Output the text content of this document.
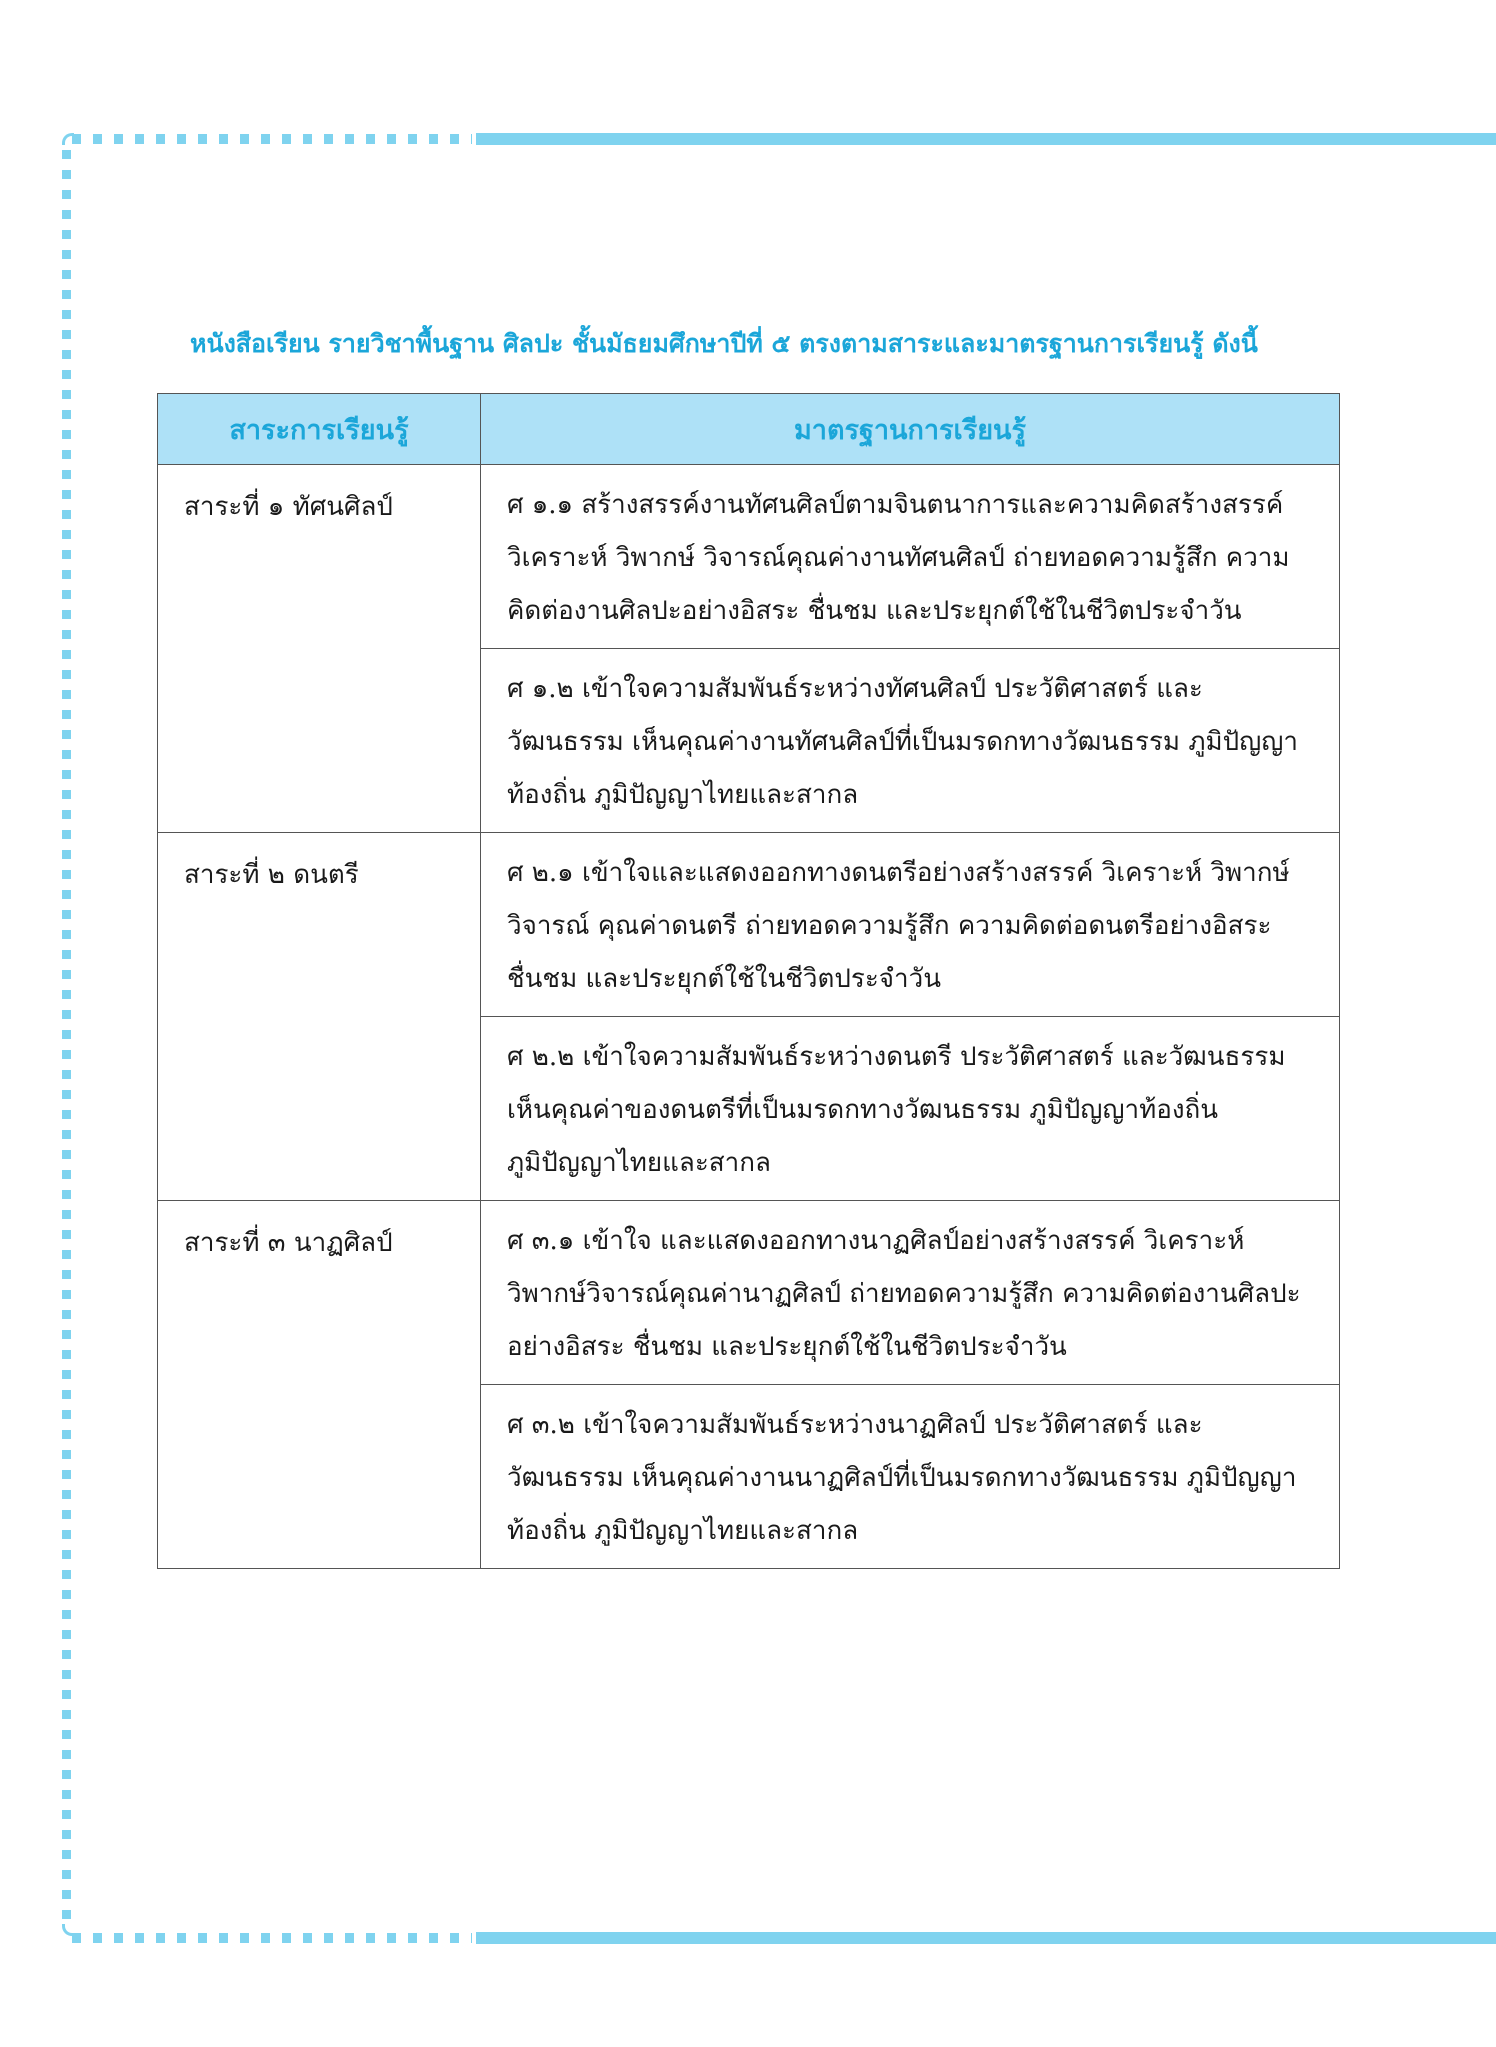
หนังสือเรียน รายวิชาพื้นฐาน ศิลปะ ชั้นมัธยมศึกษาปีที่ ๕ ตรงตามสาระและมาตรฐานการเรียนรู้ ดังนี้
สาระการเรียนรู้	มาตรฐานการเรียนรู้
สาระที่ ๑ ทัศนศิลป์	ศ ๑.๑ สร้างสรรค์งานทัศนศิลป์ตามจินตนาการและความคิดสร้างสรรค์ วิเคราะห์ วิพากษ์ วิจารณ์คุณค่างานทัศนศิลป์ ถ่ายทอดความรู้สึก ความคิดต่องานศิลปะอย่างอิสระ ชื่นชม และประยุกต์ใช้ในชีวิตประจำวัน
	ศ ๑.๒ เข้าใจความสัมพันธ์ระหว่างทัศนศิลป์ ประวัติศาสตร์ และวัฒนธรรม เห็นคุณค่างานทัศนศิลป์ที่เป็นมรดกทางวัฒนธรรม ภูมิปัญญาท้องถิ่น ภูมิปัญญาไทยและสากล
สาระที่ ๒ ดนตรี	ศ ๒.๑ เข้าใจและแสดงออกทางดนตรีอย่างสร้างสรรค์ วิเคราะห์ วิพากษ์ วิจารณ์ คุณค่าดนตรี ถ่ายทอดความรู้สึก ความคิดต่อดนตรีอย่างอิสระ ชื่นชม และประยุกต์ใช้ในชีวิตประจำวัน
	ศ ๒.๒ เข้าใจความสัมพันธ์ระหว่างดนตรี ประวัติศาสตร์ และวัฒนธรรม เห็นคุณค่าของดนตรีที่เป็นมรดกทางวัฒนธรรม ภูมิปัญญาท้องถิ่นภูมิปัญญาไทยและสากล
สาระที่ ๓ นาฏศิลป์	ศ ๓.๑ เข้าใจ และแสดงออกทางนาฏศิลป์อย่างสร้างสรรค์ วิเคราะห์ วิพากษ์วิจารณ์คุณค่านาฏศิลป์ ถ่ายทอดความรู้สึก ความคิดต่องานศิลปะอย่างอิสระ ชื่นชม และประยุกต์ใช้ในชีวิตประจำวัน
	ศ ๓.๒ เข้าใจความสัมพันธ์ระหว่างนาฏศิลป์ ประวัติศาสตร์ และวัฒนธรรม เห็นคุณค่างานนาฏศิลป์ที่เป็นมรดกทางวัฒนธรรม ภูมิปัญญาท้องถิ่น ภูมิปัญญาไทยและสากล
